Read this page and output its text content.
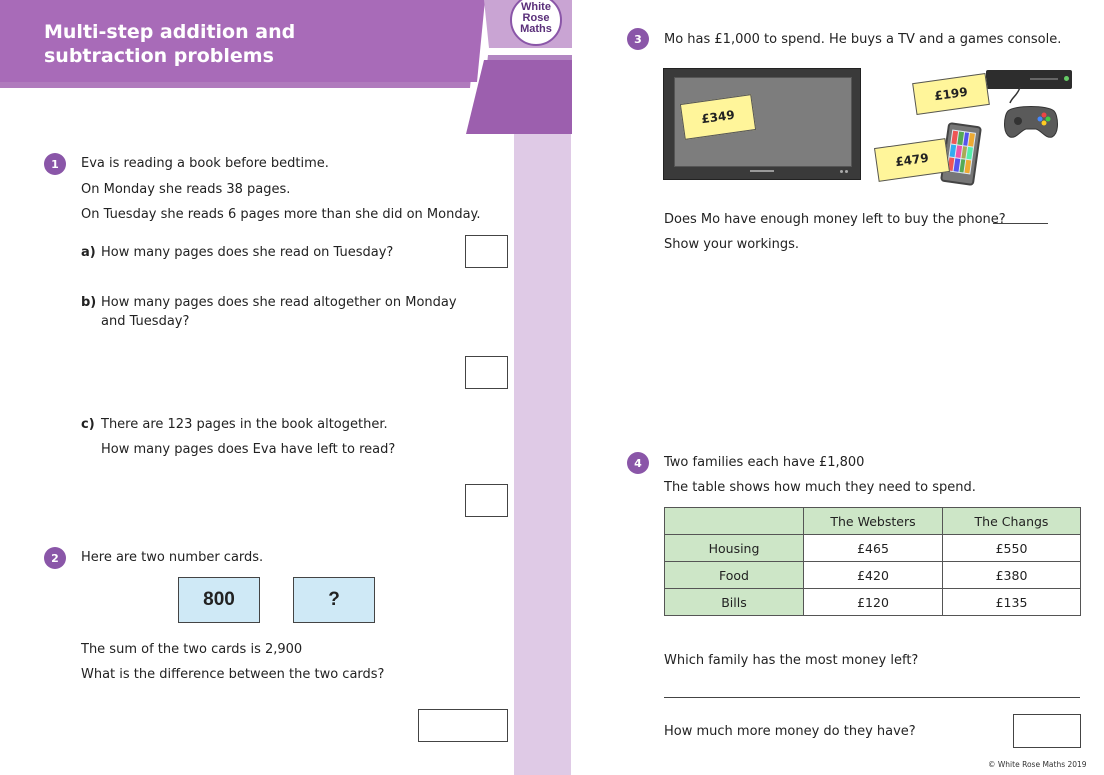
Multi-step addition and
subtraction problems
White
Rose
Maths
1	Eva is reading a book before bedtime.
On Monday she reads 38 pages.
On Tuesday she reads 6 pages more than she did on Monday.
a) How many pages does she read on Tuesday?
b) How many pages does she read altogether on Monday
and Tuesday?
c) There are 123 pages in the book altogether.
How many pages does Eva have left to read?
2	Here are two number cards.
800	?
The sum of the two cards is 2,900
What is the difference between the two cards?
3	Mo has £1,000 to spend. He buys a TV and a games console.
£349
£199
£479
Does Mo have enough money left to buy the phone?
Show your workings.
4	Two families each have £1,800
The table shows how much they need to spend.
	The Websters	The Changs
Housing	£465	£550
Food	£420	£380
Bills	£120	£135
Which family has the most money left?
How much more money do they have?
© White Rose Maths 2019
